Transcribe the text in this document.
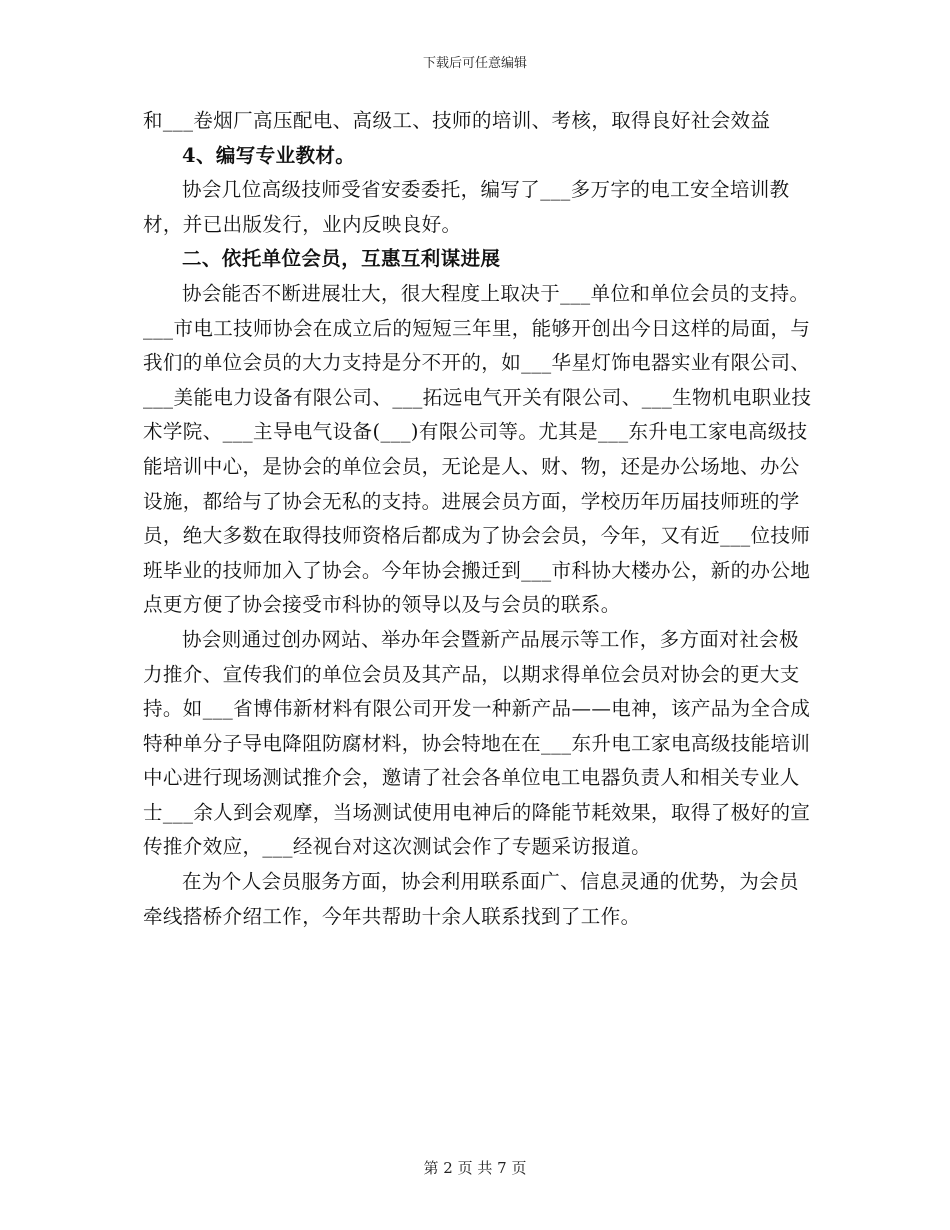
下载后可任意编辑

和___卷烟厂高压配电、高级工、技师的培训、考核，取得良好社会效益

4、编写专业教材。

协会几位高级技师受省安委委托，编写了___多万字的电工安全培训教材，并已出版发行，业内反映良好。

二、依托单位会员，互惠互利谋进展

协会能否不断进展壮大，很大程度上取决于___单位和单位会员的支持。___市电工技师协会在成立后的短短三年里，能够开创出今日这样的局面，与我们的单位会员的大力支持是分不开的，如___华星灯饰电器实业有限公司、___美能电力设备有限公司、___拓远电气开关有限公司、___生物机电职业技术学院、___主导电气设备(___)有限公司等。尤其是___东升电工家电高级技能培训中心，是协会的单位会员，无论是人、财、物，还是办公场地、办公设施，都给与了协会无私的支持。进展会员方面，学校历年历届技师班的学员，绝大多数在取得技师资格后都成为了协会会员，今年，又有近___位技师班毕业的技师加入了协会。今年协会搬迁到___市科协大楼办公，新的办公地点更方便了协会接受市科协的领导以及与会员的联系。

协会则通过创办网站、举办年会暨新产品展示等工作，多方面对社会极力推介、宣传我们的单位会员及其产品，以期求得单位会员对协会的更大支持。如___省博伟新材料有限公司开发一种新产品——电神，该产品为全合成特种单分子导电降阻防腐材料，协会特地在在___东升电工家电高级技能培训中心进行现场测试推介会，邀请了社会各单位电工电器负责人和相关专业人士___余人到会观摩，当场测试使用电神后的降能节耗效果，取得了极好的宣传推介效应，___经视台对这次测试会作了专题采访报道。

在为个人会员服务方面，协会利用联系面广、信息灵通的优势，为会员牵线搭桥介绍工作，今年共帮助十余人联系找到了工作。

第 2 页 共 7 页
